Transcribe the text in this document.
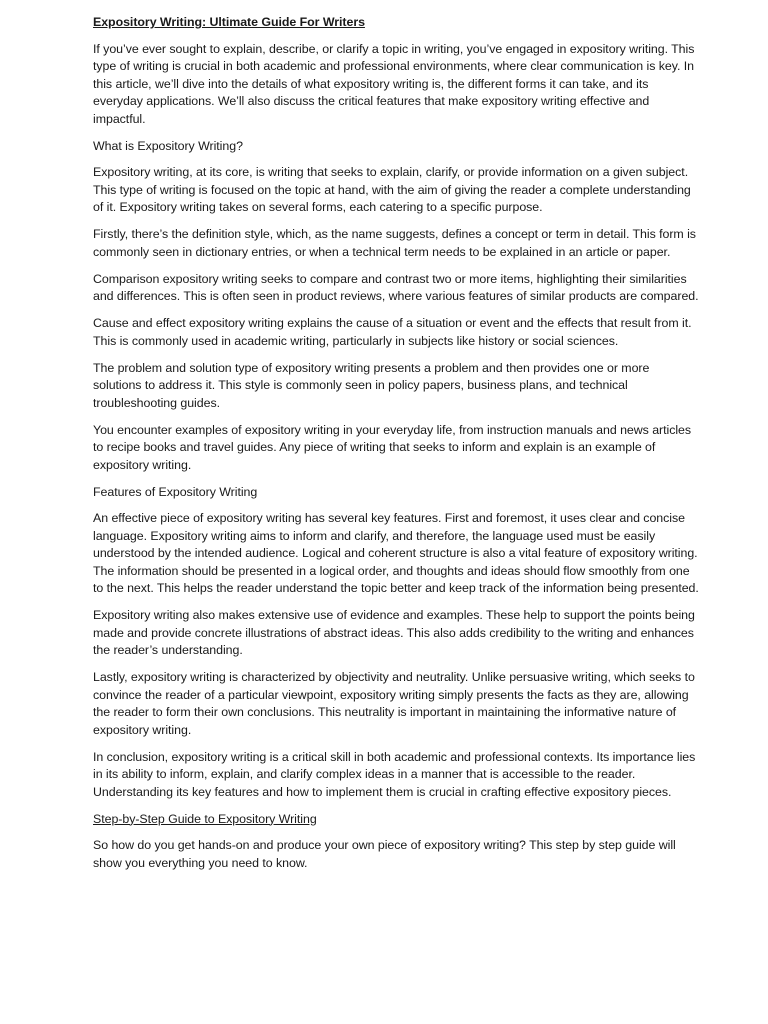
Expository Writing: Ultimate Guide For Writers

If you’ve ever sought to explain, describe, or clarify a topic in writing, you’ve engaged in expository writing. This type of writing is crucial in both academic and professional environments, where clear communication is key. In this article, we’ll dive into the details of what expository writing is, the different forms it can take, and its everyday applications. We’ll also discuss the critical features that make expository writing effective and impactful.

What is Expository Writing?

Expository writing, at its core, is writing that seeks to explain, clarify, or provide information on a given subject. This type of writing is focused on the topic at hand, with the aim of giving the reader a complete understanding of it. Expository writing takes on several forms, each catering to a specific purpose.

Firstly, there’s the definition style, which, as the name suggests, defines a concept or term in detail. This form is commonly seen in dictionary entries, or when a technical term needs to be explained in an article or paper.

Comparison expository writing seeks to compare and contrast two or more items, highlighting their similarities and differences. This is often seen in product reviews, where various features of similar products are compared.

Cause and effect expository writing explains the cause of a situation or event and the effects that result from it. This is commonly used in academic writing, particularly in subjects like history or social sciences.

The problem and solution type of expository writing presents a problem and then provides one or more solutions to address it. This style is commonly seen in policy papers, business plans, and technical troubleshooting guides.

You encounter examples of expository writing in your everyday life, from instruction manuals and news articles to recipe books and travel guides. Any piece of writing that seeks to inform and explain is an example of expository writing.

Features of Expository Writing

An effective piece of expository writing has several key features. First and foremost, it uses clear and concise language. Expository writing aims to inform and clarify, and therefore, the language used must be easily understood by the intended audience. Logical and coherent structure is also a vital feature of expository writing. The information should be presented in a logical order, and thoughts and ideas should flow smoothly from one to the next. This helps the reader understand the topic better and keep track of the information being presented.

Expository writing also makes extensive use of evidence and examples. These help to support the points being made and provide concrete illustrations of abstract ideas. This also adds credibility to the writing and enhances the reader’s understanding.

Lastly, expository writing is characterized by objectivity and neutrality. Unlike persuasive writing, which seeks to convince the reader of a particular viewpoint, expository writing simply presents the facts as they are, allowing the reader to form their own conclusions. This neutrality is important in maintaining the informative nature of expository writing.

In conclusion, expository writing is a critical skill in both academic and professional contexts. Its importance lies in its ability to inform, explain, and clarify complex ideas in a manner that is accessible to the reader. Understanding its key features and how to implement them is crucial in crafting effective expository pieces.

Step-by-Step Guide to Expository Writing

So how do you get hands-on and produce your own piece of expository writing? This step by step guide will show you everything you need to know.
